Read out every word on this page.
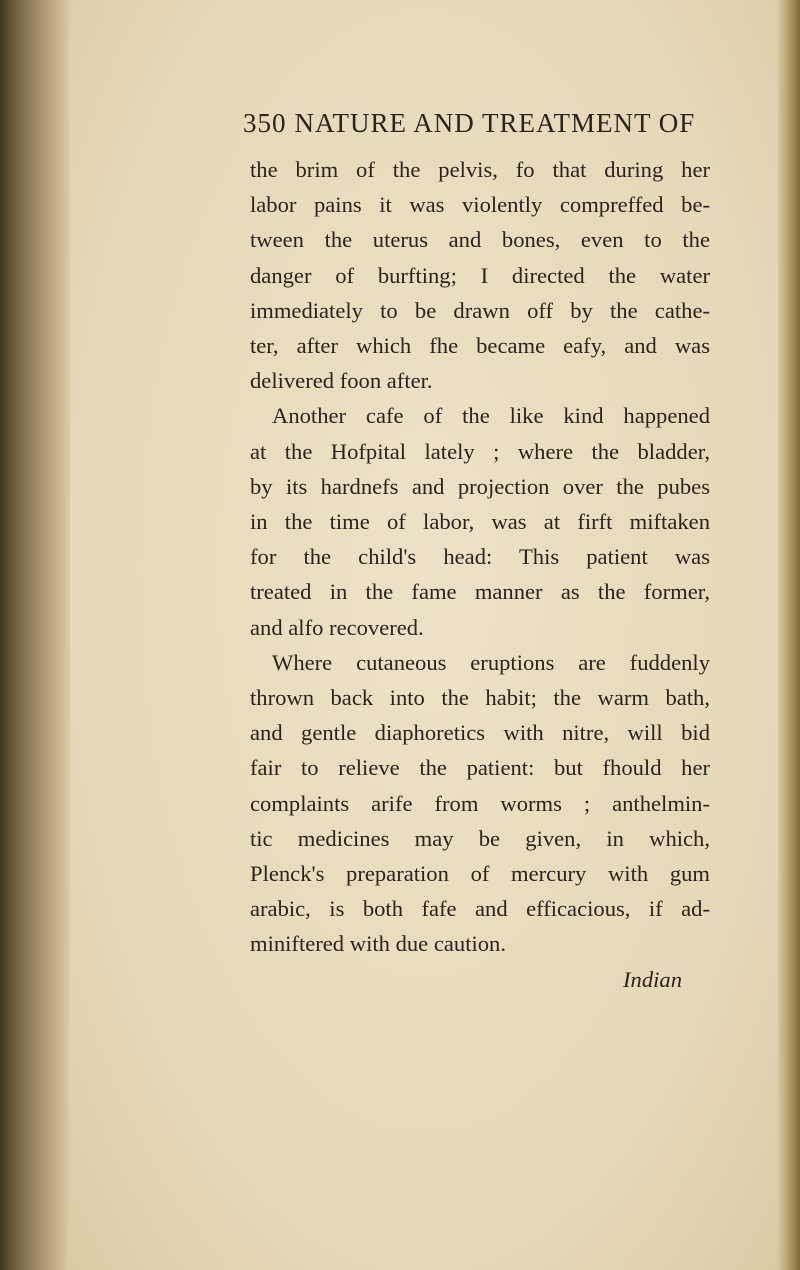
350 NATURE AND TREATMENT OF
the brim of the pelvis, fo that during her
labor pains it was violently compreffed be-
tween the uterus and bones, even to the
danger of burfting; I directed the water
immediately to be drawn off by the cathe-
ter, after which fhe became eafy, and was
delivered foon after.
Another cafe of the like kind happened
at the Hofpital lately ; where the bladder,
by its hardnefs and projection over the pubes
in the time of labor, was at firft miftaken
for the child's head: This patient was
treated in the fame manner as the former,
and alfo recovered.
Where cutaneous eruptions are fuddenly
thrown back into the habit; the warm bath,
and gentle diaphoretics with nitre, will bid
fair to relieve the patient: but fhould her
complaints arife from worms ; anthelmin-
tic medicines may be given, in which,
Plenck's preparation of mercury with gum
arabic, is both fafe and efficacious, if ad-
miniftered with due caution.
Indian
